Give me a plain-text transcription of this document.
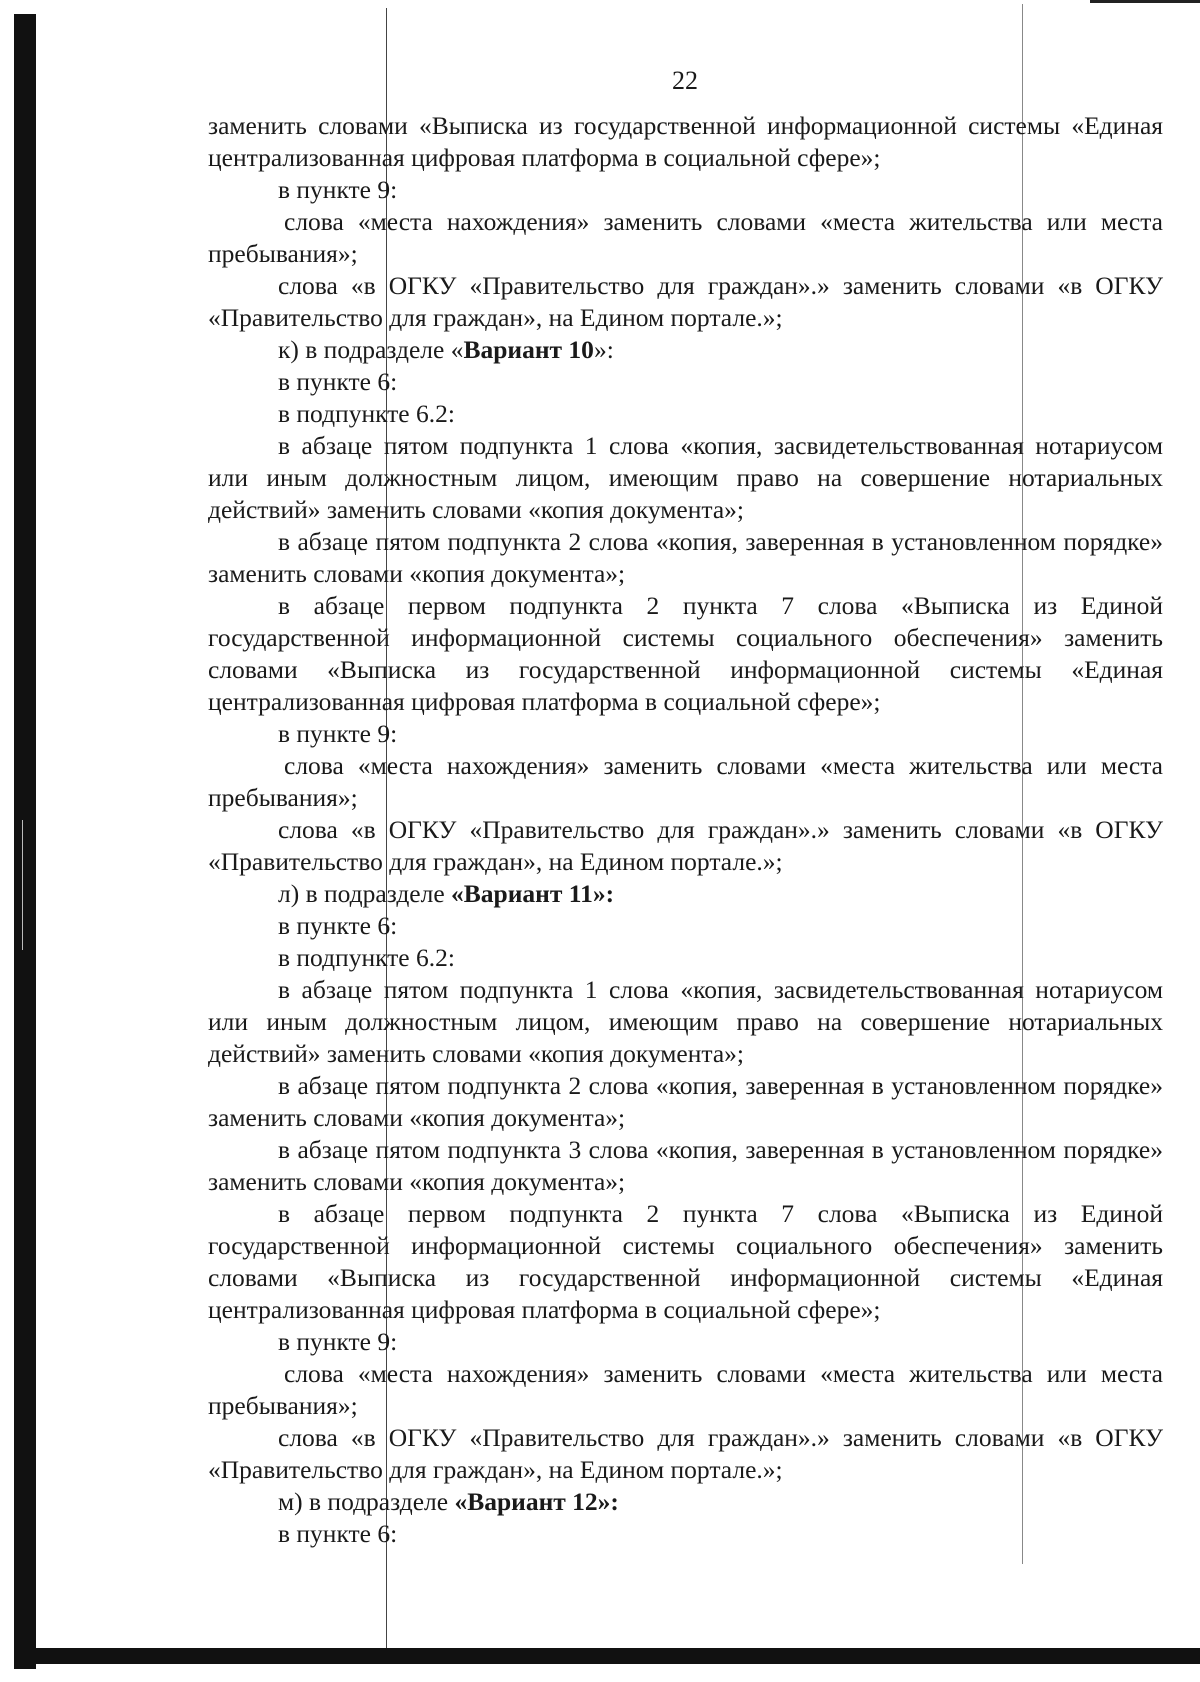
22

заменить словами «Выписка из государственной информационной системы «Единая централизованная цифровая платформа в социальной сфере»;

в пункте 9:

слова «места нахождения» заменить словами «места жительства или места пребывания»;

слова «в ОГКУ «Правительство для граждан».» заменить словами «в ОГКУ «Правительство для граждан», на Едином портале.»;

к) в подразделе «Вариант 10»:

в пункте 6:

в подпункте 6.2:

в абзаце пятом подпункта 1 слова «копия, засвидетельствованная нотариусом или иным должностным лицом, имеющим право на совершение нотариальных действий» заменить словами «копия документа»;

в абзаце пятом подпункта 2 слова «копия, заверенная в установленном порядке» заменить словами «копия документа»;

в абзаце первом подпункта 2 пункта 7 слова «Выписка из Единой государственной информационной системы социального обеспечения» заменить словами «Выписка из государственной информационной системы «Единая централизованная цифровая платформа в социальной сфере»;

в пункте 9:

слова «места нахождения» заменить словами «места жительства или места пребывания»;

слова «в ОГКУ «Правительство для граждан».» заменить словами «в ОГКУ «Правительство для граждан», на Едином портале.»;

л) в подразделе «Вариант 11»:

в пункте 6:

в подпункте 6.2:

в абзаце пятом подпункта 1 слова «копия, засвидетельствованная нотариусом или иным должностным лицом, имеющим право на совершение нотариальных действий» заменить словами «копия документа»;

в абзаце пятом подпункта 2 слова «копия, заверенная в установленном порядке» заменить словами «копия документа»;

в абзаце пятом подпункта 3 слова «копия, заверенная в установленном порядке» заменить словами «копия документа»;

в абзаце первом подпункта 2 пункта 7 слова «Выписка из Единой государственной информационной системы социального обеспечения» заменить словами «Выписка из государственной информационной системы «Единая централизованная цифровая платформа в социальной сфере»;

в пункте 9:

слова «места нахождения» заменить словами «места жительства или места пребывания»;

слова «в ОГКУ «Правительство для граждан».» заменить словами «в ОГКУ «Правительство для граждан», на Едином портале.»;

м) в подразделе «Вариант 12»:

в пункте 6:
